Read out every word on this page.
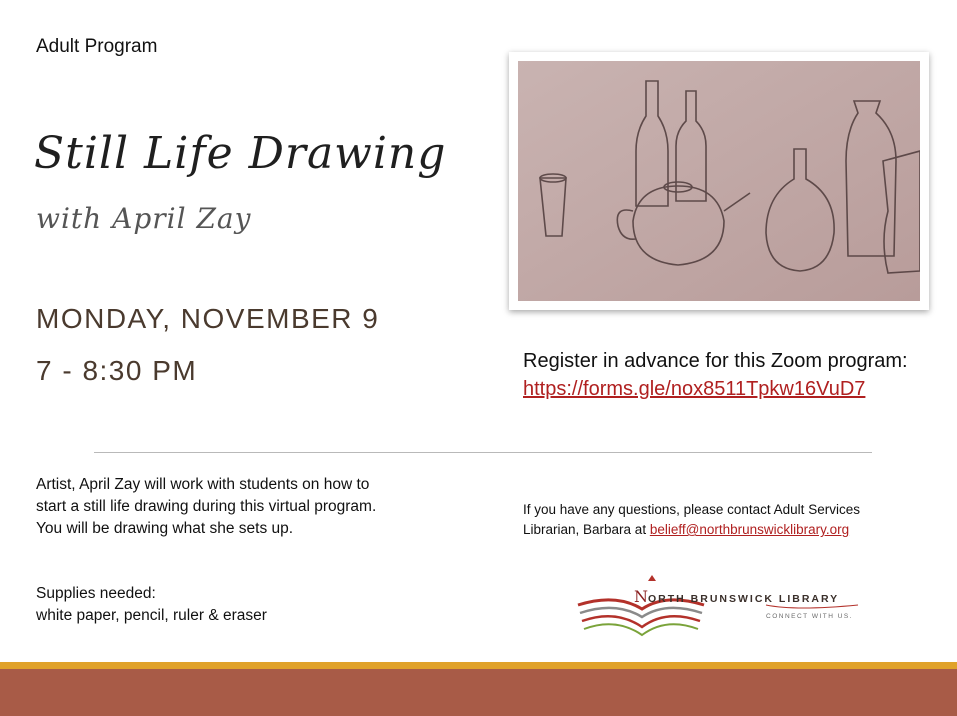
Adult Program
Still Life Drawing
with April Zay
MONDAY, NOVEMBER 9
7 - 8:30 PM	Register in advance for this Zoom program:
https://forms.gle/nox8511Tpkw16VuD7
Artist, April Zay will work with students on how to
start a still life drawing during this virtual program.
You will be drawing what she sets up.
Supplies needed:
white paper, pencil, ruler & eraser
If you have any questions, please contact Adult Services
Librarian, Barbara at belieff@northbrunswicklibrary.org
N ORTH BRUNSWICK LIBRARY
CONNECT WITH US.
